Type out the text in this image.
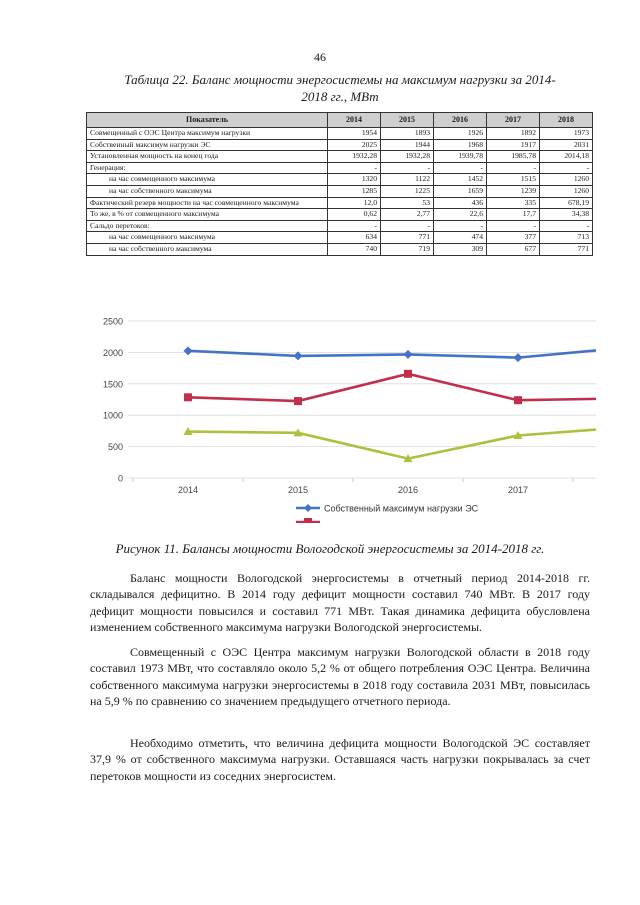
46
Таблица 22. Баланс мощности энергосистемы на максимум нагрузки за 2014-
2018 гг., МВт
Показатель	2014	2015	2016	2017	2018
Совмещенный с ОЭС Центра максимум нагрузки	1954	1893	1926	1892	1973
Собственный максимум нагрузки ЭС	2025	1944	1968	1917	2031
Установленная мощность на конец года	1932,28	1932,28	1939,78	1985,78	2014,18
Генерация:	-	-	-	-	-
на час совмещенного максимума	1320	1122	1452	1515	1260
на час собственного максимума	1285	1225	1659	1239	1260
Фактический резерв мощности на час совмещенного максимума	12,0	53	436	335	678,19
То же, в % от совмещенного максимума	0,62	2,77	22,6	17,7	34,38
Сальдо перетоков:	-	-	-	-	-
на час совмещенного максимума	634	771	474	377	713
на час собственного максимума	740	719	309	677	771
0
500
1000
1500
2000
2500
2014	2015	2016	2017
Собственный максимум нагрузки ЭС
Рисунок 11. Балансы мощности Вологодской энергосистемы за 2014-2018 гг.

Баланс мощности Вологодской энергосистемы в отчетный период 2014-2018 гг. складывался дефицитно. В 2014 году дефицит мощности составил 740 МВт. В 2017 году дефицит мощности повысился и составил 771 МВт. Такая динамика дефицита обусловлена изменением собственного максимума нагрузки Вологодской энергосистемы.

Совмещенный с ОЭС Центра максимум нагрузки Вологодской области в 2018 году составил 1973 МВт, что составляло около 5,2 % от общего потребления ОЭС Центра. Величина собственного максимума нагрузки энергосистемы в 2018 году составила 2031 МВт, повысилась на 5,9 % по сравнению со значением предыдущего отчетного периода.

Необходимо отметить, что величина дефицита мощности Вологодской ЭС составляет 37,9 % от собственного максимума нагрузки. Оставшаяся часть нагрузки покрывалась за счет перетоков мощности из соседних энергосистем.
